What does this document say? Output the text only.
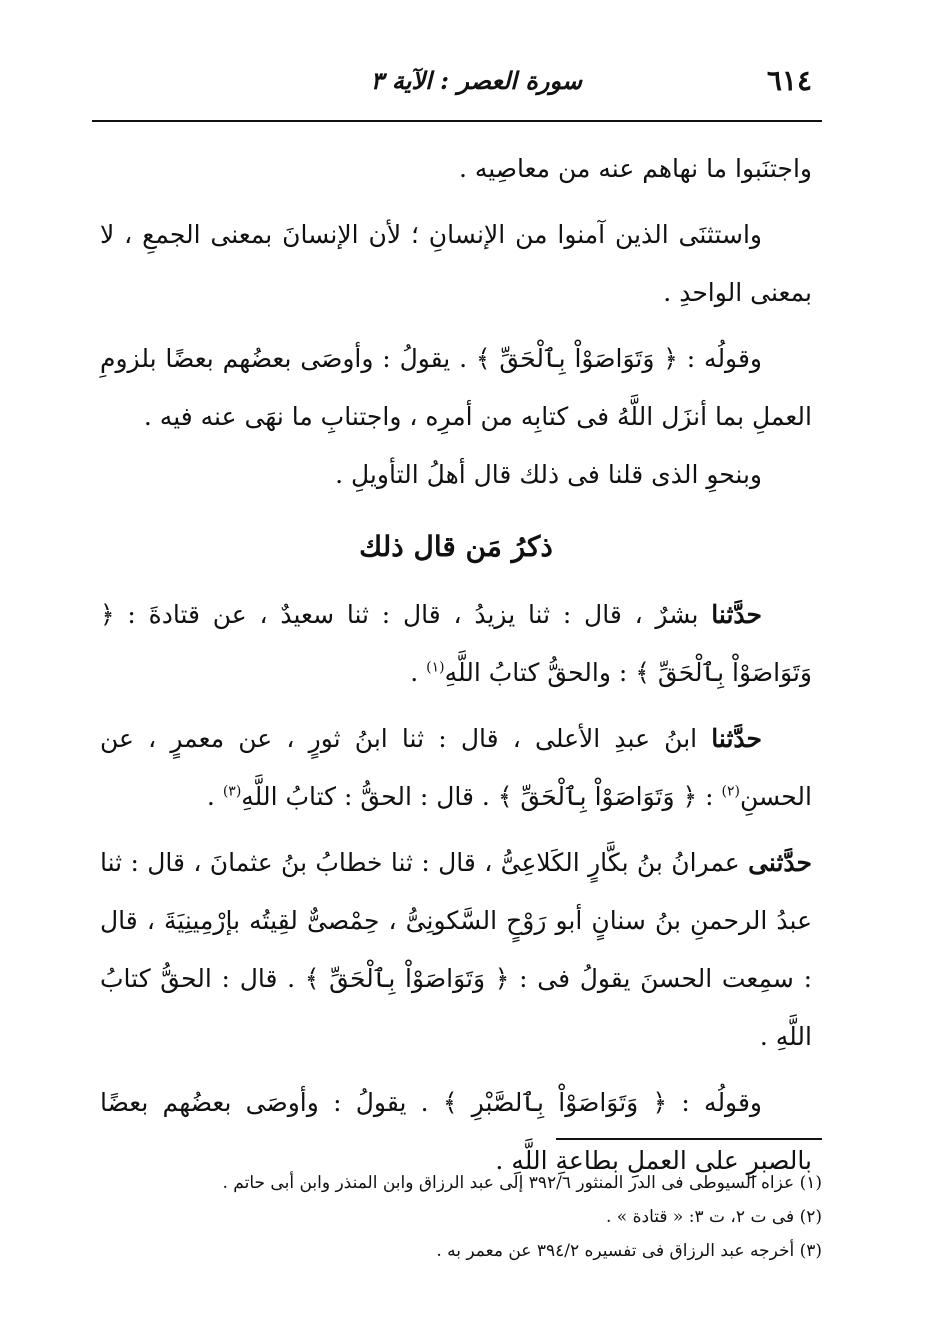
٦١٤
سورة العصر : الآية ٣

واجتنَبوا ما نهاهم عنه من معاصِيه .

واستثنَى الذين آمنوا من الإنسانِ ؛ لأن الإنسانَ بمعنى الجمعِ ، لا بمعنى الواحدِ .

وقولُه : ﴿ وَتَوَاصَوْاْ بِٱلْحَقِّ ﴾ . يقولُ : وأوصَى بعضُهم بعضًا بلزومِ العملِ بما أنزَل اللَّهُ فى كتابِه من أمرِه ، واجتنابِ ما نهَى عنه فيه .

وبنحوِ الذى قلنا فى ذلك قال أهلُ التأويلِ .

ذكرُ مَن قال ذلك

حدَّثنا بشرٌ ، قال : ثنا يزيدُ ، قال : ثنا سعيدٌ ، عن قتادةَ : ﴿ وَتَوَاصَوْاْ بِٱلْحَقِّ ﴾ : والحقُّ كتابُ اللَّهِ$^{(١)}$ .

حدَّثنا ابنُ عبدِ الأعلى ، قال : ثنا ابنُ ثورٍ ، عن معمرٍ ، عن الحسنِ$^{(٢)}$ : ﴿ وَتَوَاصَوْاْ بِٱلْحَقِّ ﴾ . قال : الحقُّ : كتابُ اللَّهِ$^{(٣)}$ .

حدَّثنى عمرانُ بنُ بكَّارٍ الكَلاعِىُّ ، قال : ثنا خطابُ بنُ عثمانَ ، قال : ثنا عبدُ الرحمنِ بنُ سنانٍ أبو رَوْحٍ السَّكونِىُّ ، حِمْصىٌّ لقِيتُه بإرْمِينِيَةَ ، قال : سمِعت الحسنَ يقولُ فى : ﴿ وَتَوَاصَوْاْ بِٱلْحَقِّ ﴾ . قال : الحقُّ كتابُ اللَّهِ .

وقولُه : ﴿ وَتَوَاصَوْاْ بِٱلصَّبْرِ ﴾ . يقولُ : وأوصَى بعضُهم بعضًا بالصبرِ على العملِ بطاعةِ اللَّهِ .

(١) عزاه السيوطى فى الدر المنثور ٣٩٢/٦ إلى عبد الرزاق وابن المنذر وابن أبى حاتم .

(٢) فى ت ٢، ت ٣: « قتادة » .

(٣) أخرجه عبد الرزاق فى تفسيره ٣٩٤/٢ عن معمر به .
